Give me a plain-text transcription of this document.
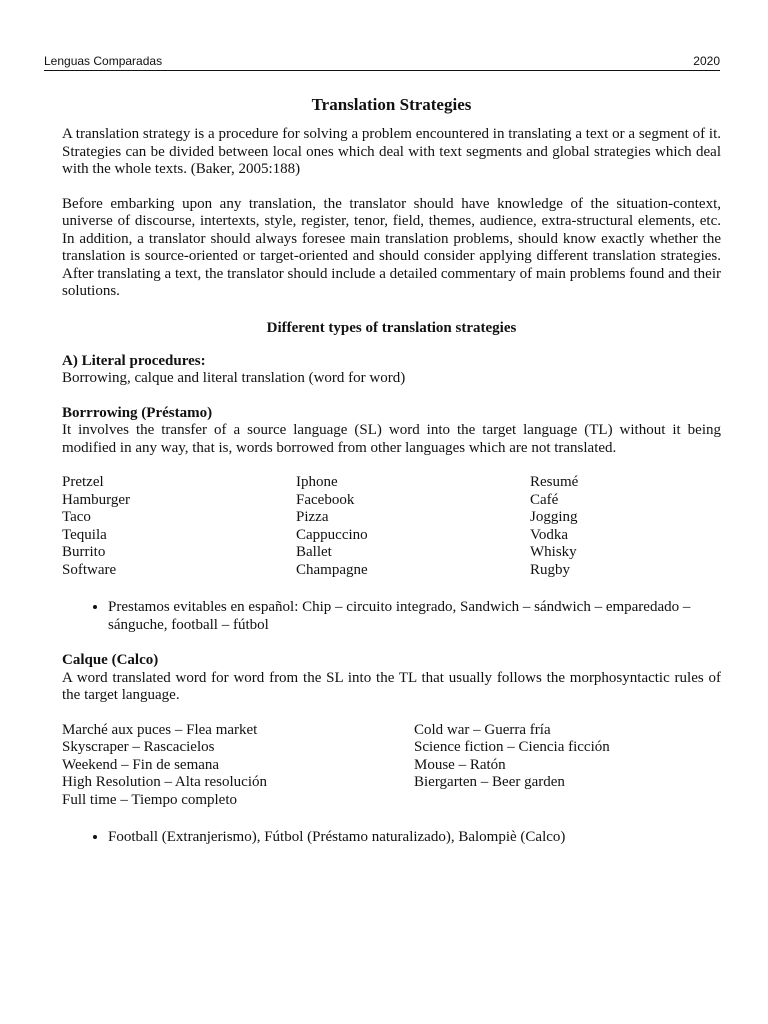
Lenguas Comparadas	2020
Translation Strategies

A translation strategy is a procedure for solving a problem encountered in translating a text or a segment of it. Strategies can be divided between local ones which deal with text segments and global strategies which deal with the whole texts. (Baker, 2005:188)

Before embarking upon any translation, the translator should have knowledge of the situation-context, universe of discourse, intertexts, style, register, tenor, field, themes, audience, extra-structural elements, etc. In addition, a translator should always foresee main translation problems, should know exactly whether the translation is source-oriented or target-oriented and should consider applying different translation strategies. After translating a text, the translator should include a detailed commentary of main problems found and their solutions.

Different types of translation strategies
A) Literal procedures:

Borrowing, calque and literal translation (word for word)

Borrrowing (Préstamo)

It involves the transfer of a source language (SL) word into the target language (TL) without it being modified in any way, that is, words borrowed from other languages which are not translated.

Pretzel
Hamburger
Taco
Tequila
Burrito
Software
Iphone
Facebook
Pizza
Cappuccino
Ballet
Champagne
Resumé
Café
Jogging
Vodka
Whisky
Rugby
• Prestamos evitables en español: Chip – circuito integrado, Sandwich – sándwich – emparedado – sánguche, football – fútbol
Calque (Calco)

A word translated word for word from the SL into the TL that usually follows the morphosyntactic rules of the target language.

Marché aux puces – Flea market
Skyscraper – Rascacielos
Weekend – Fin de semana
High Resolution – Alta resolución
Full time – Tiempo completo
Cold war – Guerra fría
Science fiction – Ciencia ficción
Mouse – Ratón
Biergarten – Beer garden
• Football (Extranjerismo), Fútbol (Préstamo naturalizado), Balompiè (Calco)
